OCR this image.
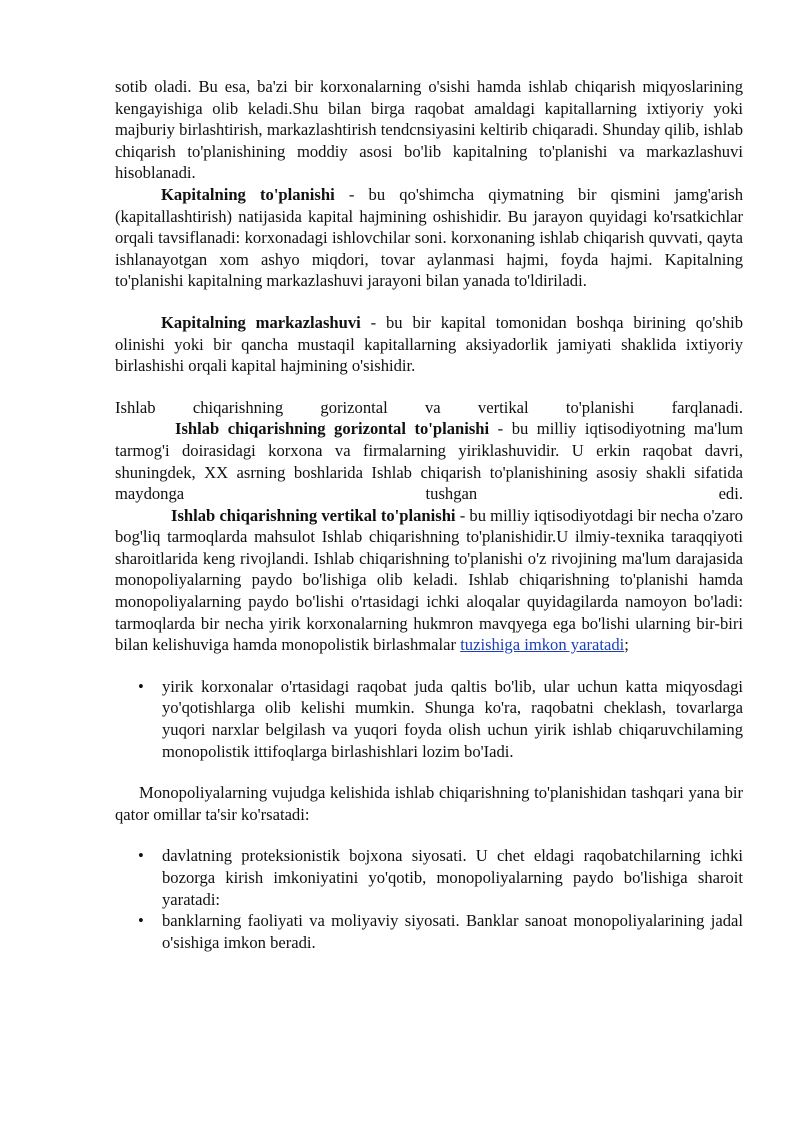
sotib oladi. Bu esa, ba'zi bir korxonalarning o'sishi hamda ishlab chiqarish miqyoslarining kengayishiga olib keladi.Shu bilan birga raqobat amaldagi kapitallarning ixtiyoriy yoki majburiy birlashtirish, markazlashtirish tendcnsiyasini keltirib chiqaradi. Shunday qilib, ishlab chiqarish to'planishining moddiy asosi bo'lib kapitalning to'planishi va markazlashuvi hisoblanadi.

Kapitalning to'planishi - bu qo'shimcha qiymatning bir qismini jamg'arish (kapitallashtirish) natijasida kapital hajmining oshishidir. Bu jarayon quyidagi ko'rsatkichlar orqali tavsiflanadi: korxonadagi ishlovchilar soni. korxonaning ishlab chiqarish quvvati, qayta ishlanayotgan xom ashyo miqdori, tovar aylanmasi hajmi, foyda hajmi. Kapitalning to'planishi kapitalning markazlashuvi jarayoni bilan yanada to'ldiriladi.

Kapitalning markazlashuvi - bu bir kapital tomonidan boshqa birining qo'shib olinishi yoki bir qancha mustaqil kapitallarning aksiyadorlik jamiyati shaklida ixtiyoriy birlashishi orqali kapital hajmining o'sishidir.

Ishlab chiqarishning gorizontal va vertikal to'planishi farqlanadi.

Ishlab chiqarishning gorizontal to'planishi - bu milliy iqtisodiyotning ma'lum tarmog'i doirasidagi korxona va firmalarning yiriklashuvidir. U erkin raqobat davri, shuningdek, XX asrning boshlarida Ishlab chiqarish to'planishining asosiy shakli sifatida maydonga tushgan edi.

Ishlab chiqarishning vertikal to'planishi - bu milliy iqtisodiyotdagi bir necha o'zaro bog'liq tarmoqlarda mahsulot Ishlab chiqarishning to'planishidir.U ilmiy-texnika taraqqiyoti sharoitlarida keng rivojlandi. Ishlab chiqarishning to'planishi o'z rivojining ma'lum darajasida monopoliyalarning paydo bo'lishiga olib keladi. Ishlab chiqarishning to'planishi hamda monopoliyalarning paydo bo'lishi o'rtasidagi ichki aloqalar quyidagilarda namoyon bo'ladi: tarmoqlarda bir necha yirik korxonalarning hukmron mavqyega ega bo'lishi ularning bir-biri bilan kelishuviga hamda monopolistik birlashmalar tuzishiga imkon yaratadi;

• yirik korxonalar o'rtasidagi raqobat juda qaltis bo'lib, ular uchun katta miqyosdagi yo'qotishlarga olib kelishi mumkin. Shunga ko'ra, raqobatni cheklash, tovarlarga yuqori narxlar belgilash va yuqori foyda olish uchun yirik ishlab chiqaruvchilaming monopolistik ittifoqlarga birlashishlari lozim bo'Iadi.

Monopoliyalarning vujudga kelishida ishlab chiqarishning to'planishidan tashqari yana bir qator omillar ta'sir ko'rsatadi:

• davlatning proteksionistik bojxona siyosati. U chet eldagi raqobatchilarning ichki bozorga kirish imkoniyatini yo'qotib, monopoliyalarning paydo bo'lishiga sharoit yaratadi:
• banklarning faoliyati va moliyaviy siyosati. Banklar sanoat monopoliyalarining jadal o'sishiga imkon beradi.
